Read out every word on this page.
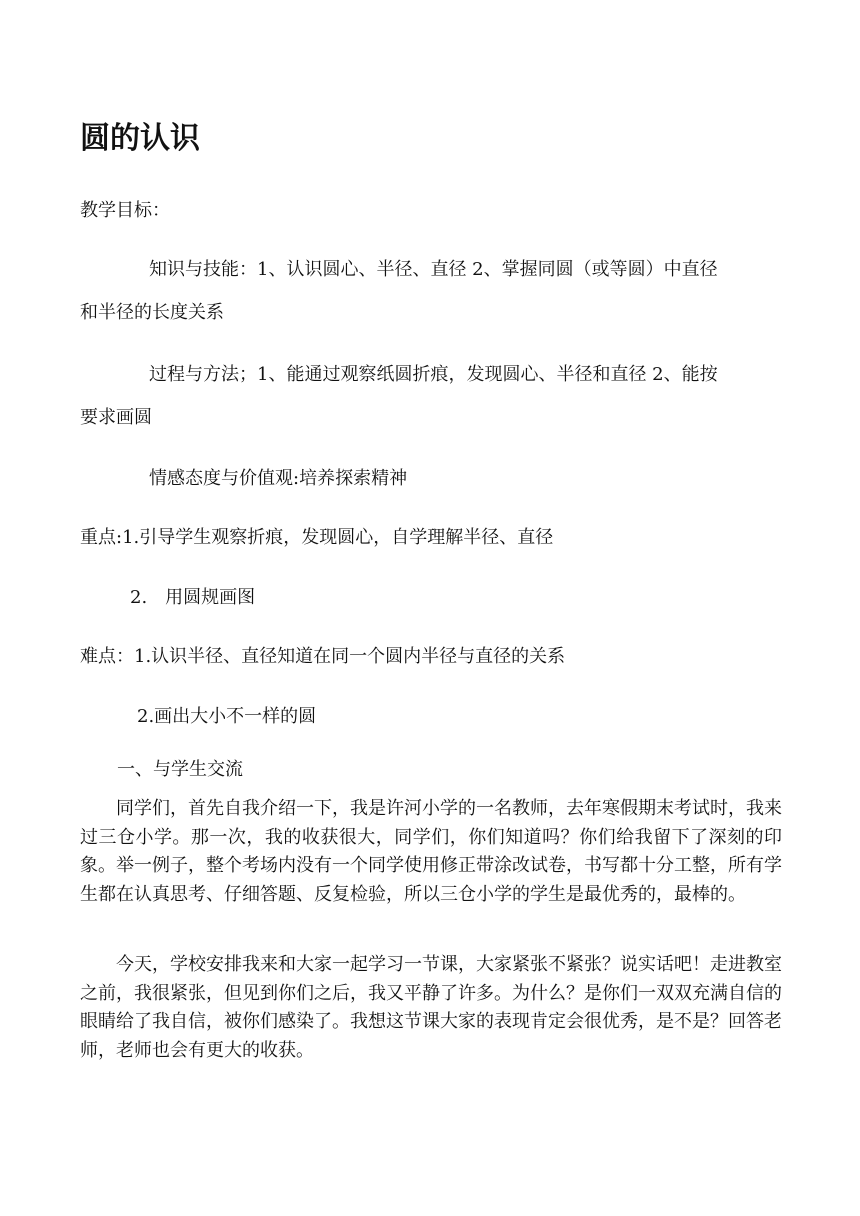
圆的认识
教学目标：
知识与技能：1、认识圆心、半径、直径 2、掌握同圆（或等圆）中直径
和半径的长度关系
过程与方法；1、能通过观察纸圆折痕，发现圆心、半径和直径 2、能按
要求画圆
情感态度与价值观:培养探索精神
重点:1.引导学生观察折痕，发现圆心，自学理解半径、直径
2.　用圆规画图
难点：1.认识半径、直径知道在同一个圆内半径与直径的关系
2.画出大小不一样的圆
一、与学生交流

同学们，首先自我介绍一下，我是许河小学的一名教师，去年寒假期末考试时，我来过三仓小学。那一次，我的收获很大，同学们，你们知道吗？你们给我留下了深刻的印象。举一例子，整个考场内没有一个同学使用修正带涂改试卷，书写都十分工整，所有学生都在认真思考、仔细答题、反复检验，所以三仓小学的学生是最优秀的，最棒的。

今天，学校安排我来和大家一起学习一节课，大家紧张不紧张？说实话吧！走进教室之前，我很紧张，但见到你们之后，我又平静了许多。为什么？是你们一双双充满自信的眼睛给了我自信，被你们感染了。我想这节课大家的表现肯定会很优秀，是不是？回答老师，老师也会有更大的收获。
